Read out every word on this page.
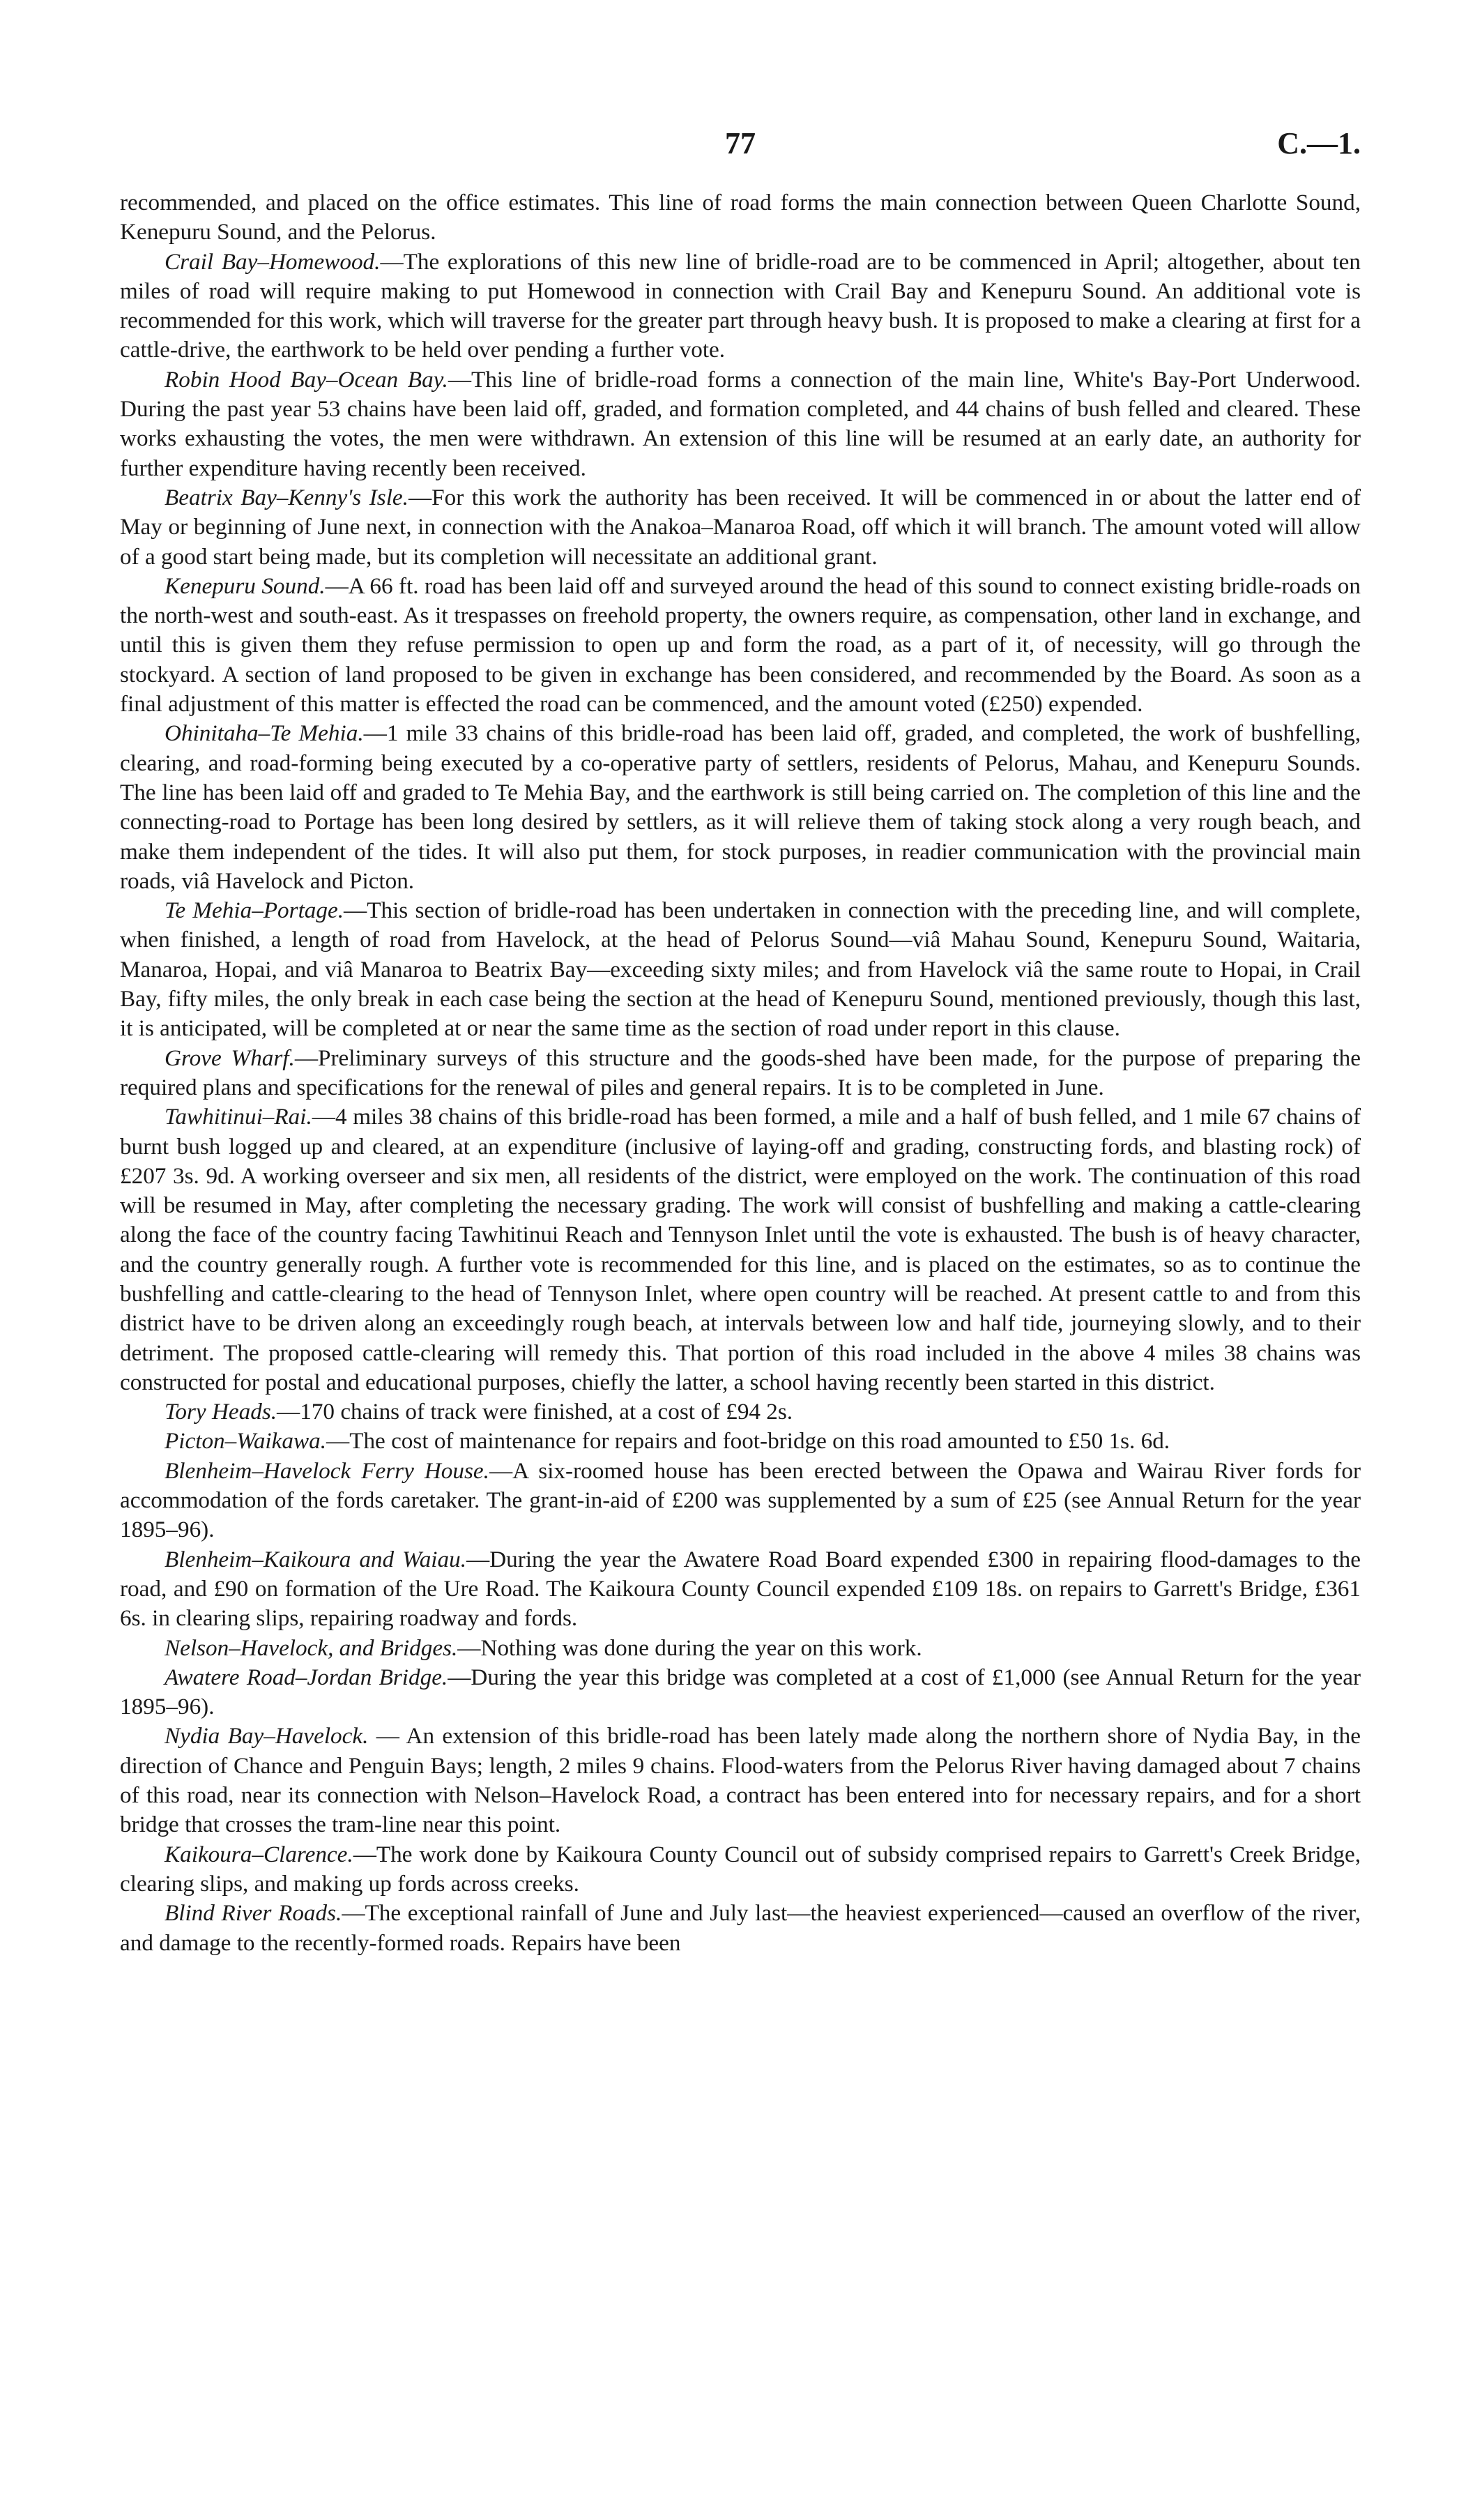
77	C.—1.

recommended, and placed on the office estimates. This line of road forms the main connection between Queen Charlotte Sound, Kenepuru Sound, and the Pelorus.

Crail Bay–Homewood.—The explorations of this new line of bridle-road are to be commenced in April; altogether, about ten miles of road will require making to put Homewood in connection with Crail Bay and Kenepuru Sound. An additional vote is recommended for this work, which will traverse for the greater part through heavy bush. It is proposed to make a clearing at first for a cattle-drive, the earthwork to be held over pending a further vote.

Robin Hood Bay–Ocean Bay.—This line of bridle-road forms a connection of the main line, White's Bay-Port Underwood. During the past year 53 chains have been laid off, graded, and formation completed, and 44 chains of bush felled and cleared. These works exhausting the votes, the men were withdrawn. An extension of this line will be resumed at an early date, an authority for further expenditure having recently been received.

Beatrix Bay–Kenny's Isle.—For this work the authority has been received. It will be commenced in or about the latter end of May or beginning of June next, in connection with the Anakoa–Manaroa Road, off which it will branch. The amount voted will allow of a good start being made, but its completion will necessitate an additional grant.

Kenepuru Sound.—A 66 ft. road has been laid off and surveyed around the head of this sound to connect existing bridle-roads on the north-west and south-east. As it trespasses on freehold property, the owners require, as compensation, other land in exchange, and until this is given them they refuse permission to open up and form the road, as a part of it, of necessity, will go through the stockyard. A section of land proposed to be given in exchange has been considered, and recommended by the Board. As soon as a final adjustment of this matter is effected the road can be commenced, and the amount voted (£250) expended.

Ohinitaha–Te Mehia.—1 mile 33 chains of this bridle-road has been laid off, graded, and completed, the work of bushfelling, clearing, and road-forming being executed by a co-operative party of settlers, residents of Pelorus, Mahau, and Kenepuru Sounds. The line has been laid off and graded to Te Mehia Bay, and the earthwork is still being carried on. The completion of this line and the connecting-road to Portage has been long desired by settlers, as it will relieve them of taking stock along a very rough beach, and make them independent of the tides. It will also put them, for stock purposes, in readier communication with the provincial main roads, viâ Havelock and Picton.

Te Mehia–Portage.—This section of bridle-road has been undertaken in connection with the preceding line, and will complete, when finished, a length of road from Havelock, at the head of Pelorus Sound—viâ Mahau Sound, Kenepuru Sound, Waitaria, Manaroa, Hopai, and viâ Manaroa to Beatrix Bay—exceeding sixty miles; and from Havelock viâ the same route to Hopai, in Crail Bay, fifty miles, the only break in each case being the section at the head of Kenepuru Sound, mentioned previously, though this last, it is anticipated, will be completed at or near the same time as the section of road under report in this clause.

Grove Wharf.—Preliminary surveys of this structure and the goods-shed have been made, for the purpose of preparing the required plans and specifications for the renewal of piles and general repairs. It is to be completed in June.

Tawhitinui–Rai.—4 miles 38 chains of this bridle-road has been formed, a mile and a half of bush felled, and 1 mile 67 chains of burnt bush logged up and cleared, at an expenditure (inclusive of laying-off and grading, constructing fords, and blasting rock) of £207 3s. 9d. A working overseer and six men, all residents of the district, were employed on the work. The continuation of this road will be resumed in May, after completing the necessary grading. The work will consist of bushfelling and making a cattle-clearing along the face of the country facing Tawhitinui Reach and Tennyson Inlet until the vote is exhausted. The bush is of heavy character, and the country generally rough. A further vote is recommended for this line, and is placed on the estimates, so as to continue the bushfelling and cattle-clearing to the head of Tennyson Inlet, where open country will be reached. At present cattle to and from this district have to be driven along an exceedingly rough beach, at intervals between low and half tide, journeying slowly, and to their detriment. The proposed cattle-clearing will remedy this. That portion of this road included in the above 4 miles 38 chains was constructed for postal and educational purposes, chiefly the latter, a school having recently been started in this district.

Tory Heads.—170 chains of track were finished, at a cost of £94 2s.

Picton–Waikawa.—The cost of maintenance for repairs and foot-bridge on this road amounted to £50 1s. 6d.

Blenheim–Havelock Ferry House.—A six-roomed house has been erected between the Opawa and Wairau River fords for accommodation of the fords caretaker. The grant-in-aid of £200 was supplemented by a sum of £25 (see Annual Return for the year 1895–96).

Blenheim–Kaikoura and Waiau.—During the year the Awatere Road Board expended £300 in repairing flood-damages to the road, and £90 on formation of the Ure Road. The Kaikoura County Council expended £109 18s. on repairs to Garrett's Bridge, £361 6s. in clearing slips, repairing roadway and fords.

Nelson–Havelock, and Bridges.—Nothing was done during the year on this work.

Awatere Road–Jordan Bridge.—During the year this bridge was completed at a cost of £1,000 (see Annual Return for the year 1895–96).

Nydia Bay–Havelock. — An extension of this bridle-road has been lately made along the northern shore of Nydia Bay, in the direction of Chance and Penguin Bays; length, 2 miles 9 chains. Flood-waters from the Pelorus River having damaged about 7 chains of this road, near its connection with Nelson–Havelock Road, a contract has been entered into for necessary repairs, and for a short bridge that crosses the tram-line near this point.

Kaikoura–Clarence.—The work done by Kaikoura County Council out of subsidy comprised repairs to Garrett's Creek Bridge, clearing slips, and making up fords across creeks.

Blind River Roads.—The exceptional rainfall of June and July last—the heaviest experienced—caused an overflow of the river, and damage to the recently-formed roads. Repairs have been
